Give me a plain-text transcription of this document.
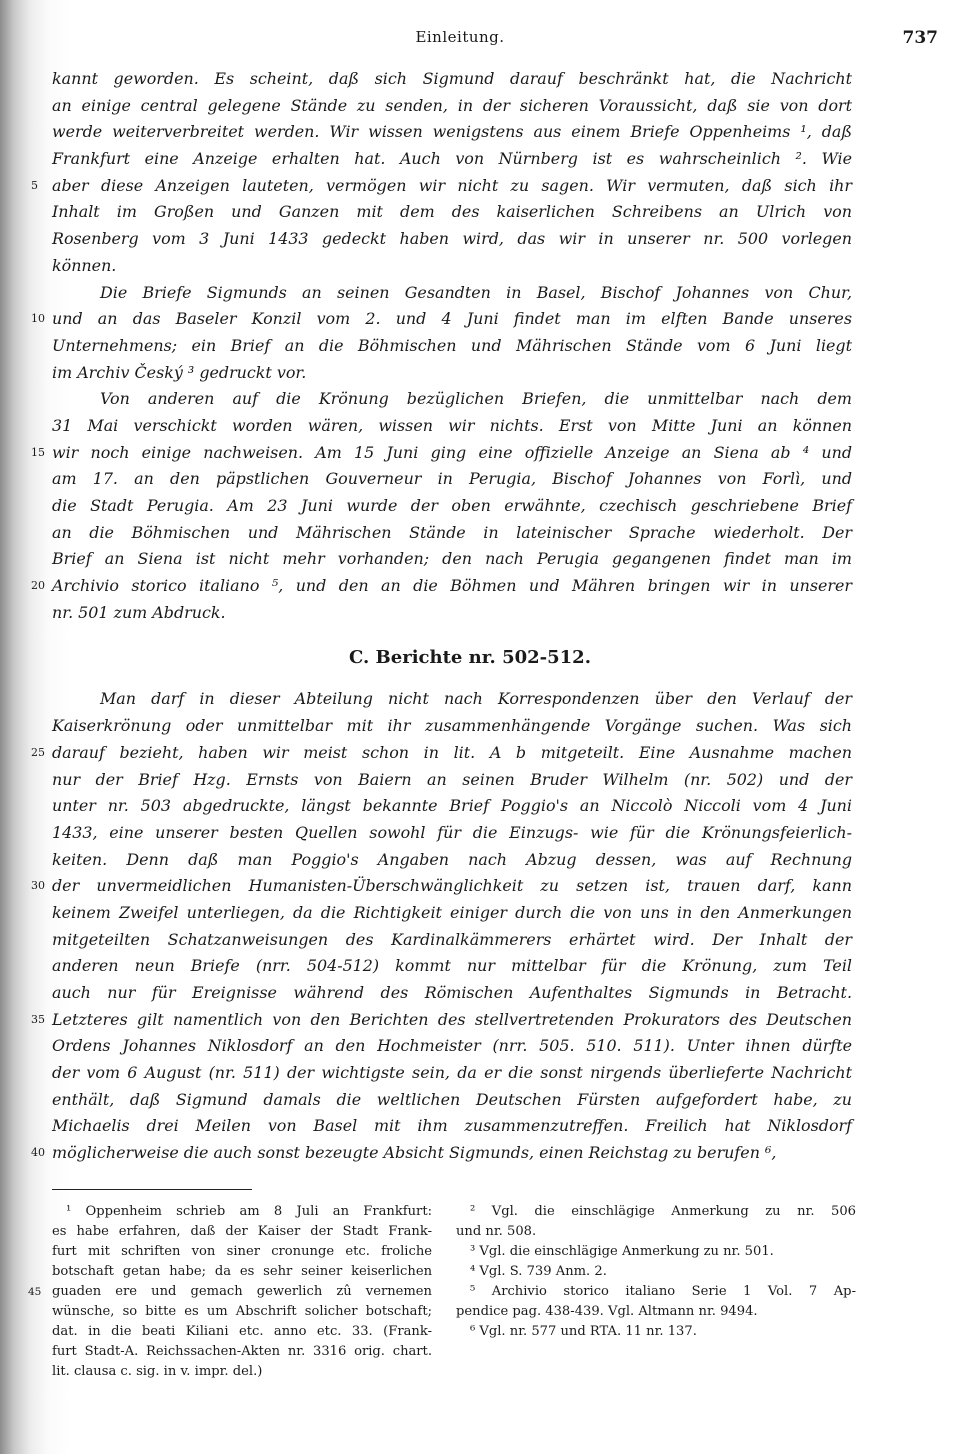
Einleitung.	737
kannt geworden. Es scheint, daß sich Sigmund darauf beschränkt hat, die Nachricht
an einige central gelegene Stände zu senden, in der sicheren Voraussicht, daß sie von dort
werde weiterverbreitet werden. Wir wissen wenigstens aus einem Briefe Oppenheims ¹, daß
Frankfurt eine Anzeige erhalten hat. Auch von Nürnberg ist es wahrscheinlich ². Wie
5 aber diese Anzeigen lauteten, vermögen wir nicht zu sagen. Wir vermuten, daß sich ihr
Inhalt im Großen und Ganzen mit dem des kaiserlichen Schreibens an Ulrich von
Rosenberg vom 3 Juni 1433 gedeckt haben wird, das wir in unserer nr. 500 vorlegen
können.
Die Briefe Sigmunds an seinen Gesandten in Basel, Bischof Johannes von Chur,
10 und an das Baseler Konzil vom 2. und 4 Juni findet man im elften Bande unseres
Unternehmens; ein Brief an die Böhmischen und Mährischen Stände vom 6 Juni liegt
im Archiv Český ³ gedruckt vor.
Von anderen auf die Krönung bezüglichen Briefen, die unmittelbar nach dem
31 Mai verschickt worden wären, wissen wir nichts. Erst von Mitte Juni an können
15 wir noch einige nachweisen. Am 15 Juni ging eine offizielle Anzeige an Siena ab ⁴ und
am 17. an den päpstlichen Gouverneur in Perugia, Bischof Johannes von Forlì, und
die Stadt Perugia. Am 23 Juni wurde der oben erwähnte, czechisch geschriebene Brief
an die Böhmischen und Mährischen Stände in lateinischer Sprache wiederholt. Der
Brief an Siena ist nicht mehr vorhanden; den nach Perugia gegangenen findet man im
20 Archivio storico italiano ⁵, und den an die Böhmen und Mähren bringen wir in unserer
nr. 501 zum Abdruck.
C. Berichte nr. 502-512.
Man darf in dieser Abteilung nicht nach Korrespondenzen über den Verlauf der
Kaiserkrönung oder unmittelbar mit ihr zusammenhängende Vorgänge suchen. Was sich
25 darauf bezieht, haben wir meist schon in lit. A b mitgeteilt. Eine Ausnahme machen
nur der Brief Hzg. Ernsts von Baiern an seinen Bruder Wilhelm (nr. 502) und der
unter nr. 503 abgedruckte, längst bekannte Brief Poggio's an Niccolò Niccoli vom 4 Juni
1433, eine unserer besten Quellen sowohl für die Einzugs- wie für die Krönungsfeierlich-
keiten. Denn daß man Poggio's Angaben nach Abzug dessen, was auf Rechnung
30 der unvermeidlichen Humanisten-Überschwänglichkeit zu setzen ist, trauen darf, kann
keinem Zweifel unterliegen, da die Richtigkeit einiger durch die von uns in den Anmerkungen
mitgeteilten Schatzanweisungen des Kardinalkämmerers erhärtet wird. Der Inhalt der
anderen neun Briefe (nrr. 504-512) kommt nur mittelbar für die Krönung, zum Teil
auch nur für Ereignisse während des Römischen Aufenthaltes Sigmunds in Betracht.
35 Letzteres gilt namentlich von den Berichten des stellvertretenden Prokurators des Deutschen
Ordens Johannes Niklosdorf an den Hochmeister (nrr. 505. 510. 511). Unter ihnen dürfte
der vom 6 August (nr. 511) der wichtigste sein, da er die sonst nirgends überlieferte Nachricht
enthält, daß Sigmund damals die weltlichen Deutschen Fürsten aufgefordert habe, zu
Michaelis drei Meilen von Basel mit ihm zusammenzutreffen. Freilich hat Niklosdorf
40 möglicherweise die auch sonst bezeugte Absicht Sigmunds, einen Reichstag zu berufen ⁶,
¹ Oppenheim schrieb am 8 Juli an Frankfurt:
es habe erfahren, daß der Kaiser der Stadt Frank-
furt mit schriften von siner cronunge etc. froliche
botschaft getan habe; da es sehr seiner keiserlichen
45 guaden ere und gemach gewerlich zû vernemen
wünsche, so bitte es um Abschrift solicher botschaft;
dat. in die beati Kiliani etc. anno etc. 33. (Frank-
furt Stadt-A. Reichssachen-Akten nr. 3316 orig. chart.
lit. clausa c. sig. in v. impr. del.)
² Vgl. die einschlägige Anmerkung zu nr. 506
und nr. 508.
³ Vgl. die einschlägige Anmerkung zu nr. 501.
⁴ Vgl. S. 739 Anm. 2.
⁵ Archivio storico italiano Serie 1 Vol. 7 Ap-
pendice pag. 438-439. Vgl. Altmann nr. 9494.
⁶ Vgl. nr. 577 und RTA. 11 nr. 137.
